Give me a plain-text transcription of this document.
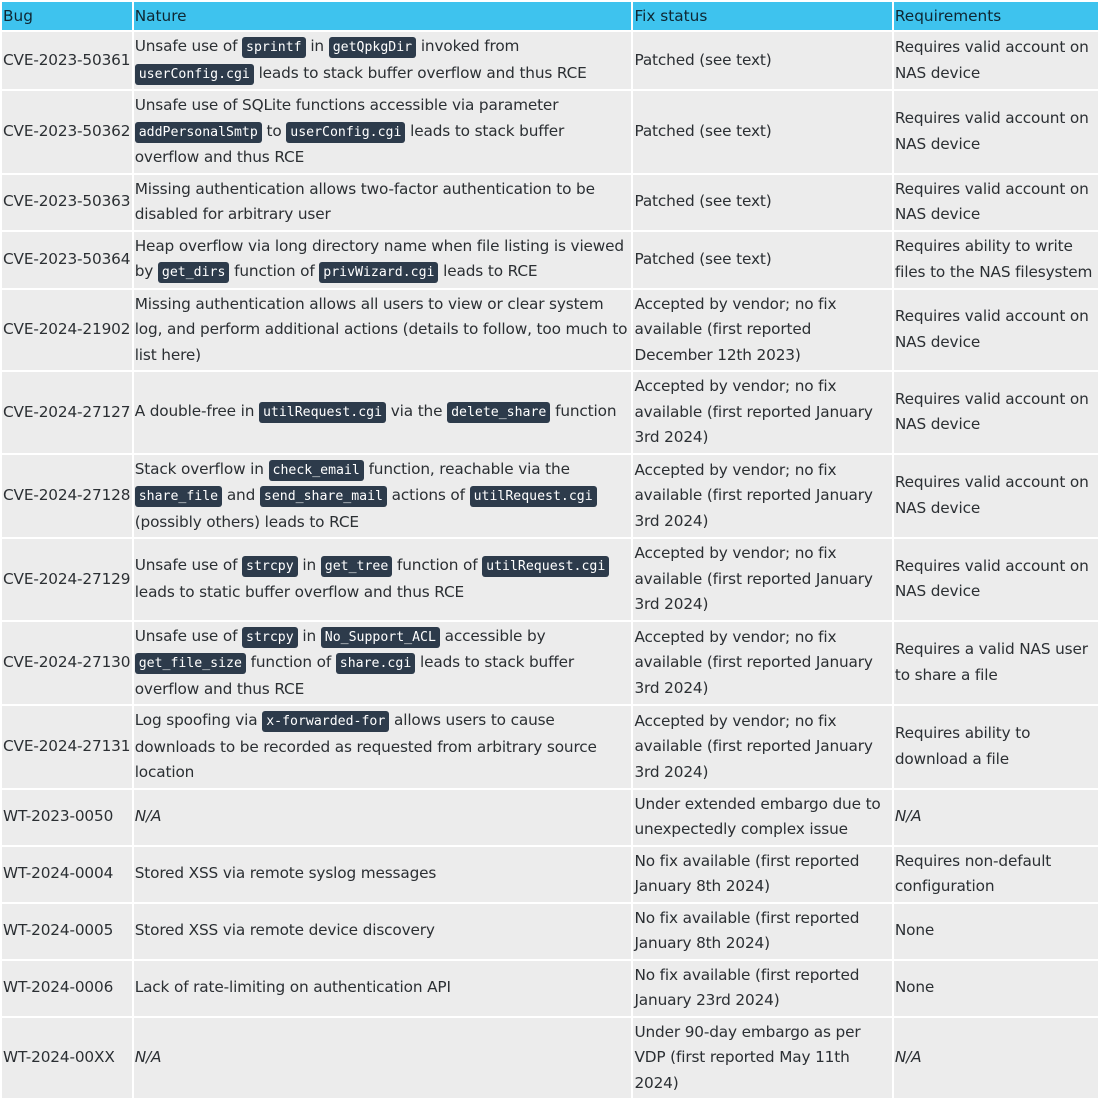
Bug	Nature	Fix status	Requirements
CVE-2023-50361	Unsafe use of sprintf in getQpkgDir invoked from userConfig.cgi leads to stack buffer overflow and thus RCE	Patched (see text)	Requires valid account on NAS device
CVE-2023-50362	Unsafe use of SQLite functions accessible via parameter addPersonalSmtp to userConfig.cgi leads to stack buffer overflow and thus RCE	Patched (see text)	Requires valid account on NAS device
CVE-2023-50363	Missing authentication allows two-factor authentication to be disabled for arbitrary user	Patched (see text)	Requires valid account on NAS device
CVE-2023-50364	Heap overflow via long directory name when file listing is viewed by get_dirs function of privWizard.cgi leads to RCE	Patched (see text)	Requires ability to write files to the NAS filesystem
CVE-2024-21902	Missing authentication allows all users to view or clear system log, and perform additional actions (details to follow, too much to list here)	Accepted by vendor; no fix available (first reported December 12th 2023)	Requires valid account on NAS device
CVE-2024-27127	A double-free in utilRequest.cgi via the delete_share function	Accepted by vendor; no fix available (first reported January 3rd 2024)	Requires valid account on NAS device
CVE-2024-27128	Stack overflow in check_email function, reachable via the share_file and send_share_mail actions of utilRequest.cgi (possibly others) leads to RCE	Accepted by vendor; no fix available (first reported January 3rd 2024)	Requires valid account on NAS device
CVE-2024-27129	Unsafe use of strcpy in get_tree function of utilRequest.cgi leads to static buffer overflow and thus RCE	Accepted by vendor; no fix available (first reported January 3rd 2024)	Requires valid account on NAS device
CVE-2024-27130	Unsafe use of strcpy in No_Support_ACL accessible by get_file_size function of share.cgi leads to stack buffer overflow and thus RCE	Accepted by vendor; no fix available (first reported January 3rd 2024)	Requires a valid NAS user to share a file
CVE-2024-27131	Log spoofing via x-forwarded-for allows users to cause downloads to be recorded as requested from arbitrary source location	Accepted by vendor; no fix available (first reported January 3rd 2024)	Requires ability to download a file
WT-2023-0050	N/A	Under extended embargo due to unexpectedly complex issue	N/A
WT-2024-0004	Stored XSS via remote syslog messages	No fix available (first reported January 8th 2024)	Requires non-default configuration
WT-2024-0005	Stored XSS via remote device discovery	No fix available (first reported January 8th 2024)	None
WT-2024-0006	Lack of rate-limiting on authentication API	No fix available (first reported January 23rd 2024)	None
WT-2024-00XX	N/A	Under 90-day embargo as per VDP (first reported May 11th 2024)	N/A
